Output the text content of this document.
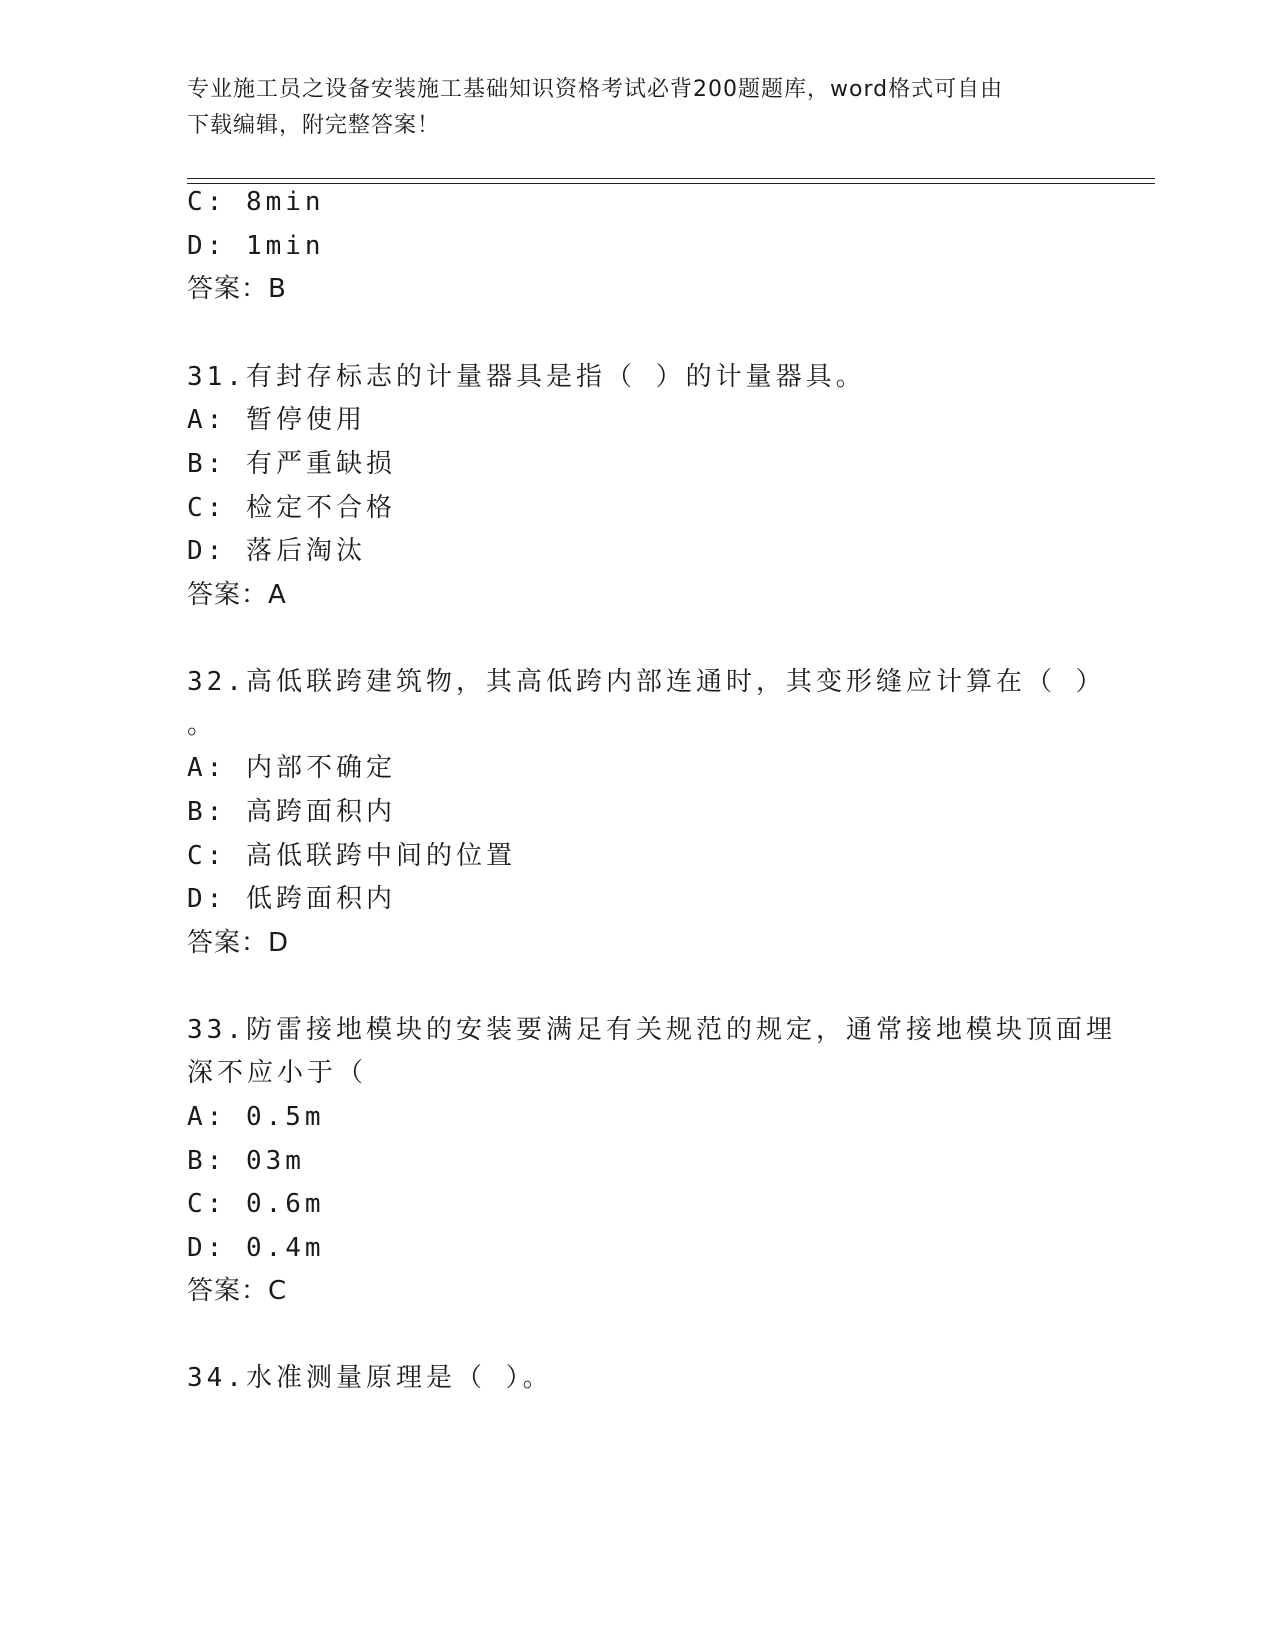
专业施工员之设备安装施工基础知识资格考试必背200题题库，word格式可自由
下载编辑，附完整答案！
C: 8min
D: 1min
答案：B
31.有封存标志的计量器具是指（ ）的计量器具。
A: 暂停使用
B: 有严重缺损
C: 检定不合格
D: 落后淘汰
答案：A
32.高低联跨建筑物，其高低跨内部连通时，其变形缝应计算在（ ）
。
A: 内部不确定
B: 高跨面积内
C: 高低联跨中间的位置
D: 低跨面积内
答案：D
33.防雷接地模块的安装要满足有关规范的规定，通常接地模块顶面埋
深不应小于（
A: 0.5m
B: 03m
C: 0.6m
D: 0.4m
答案：C
34.水准测量原理是（ ）。
